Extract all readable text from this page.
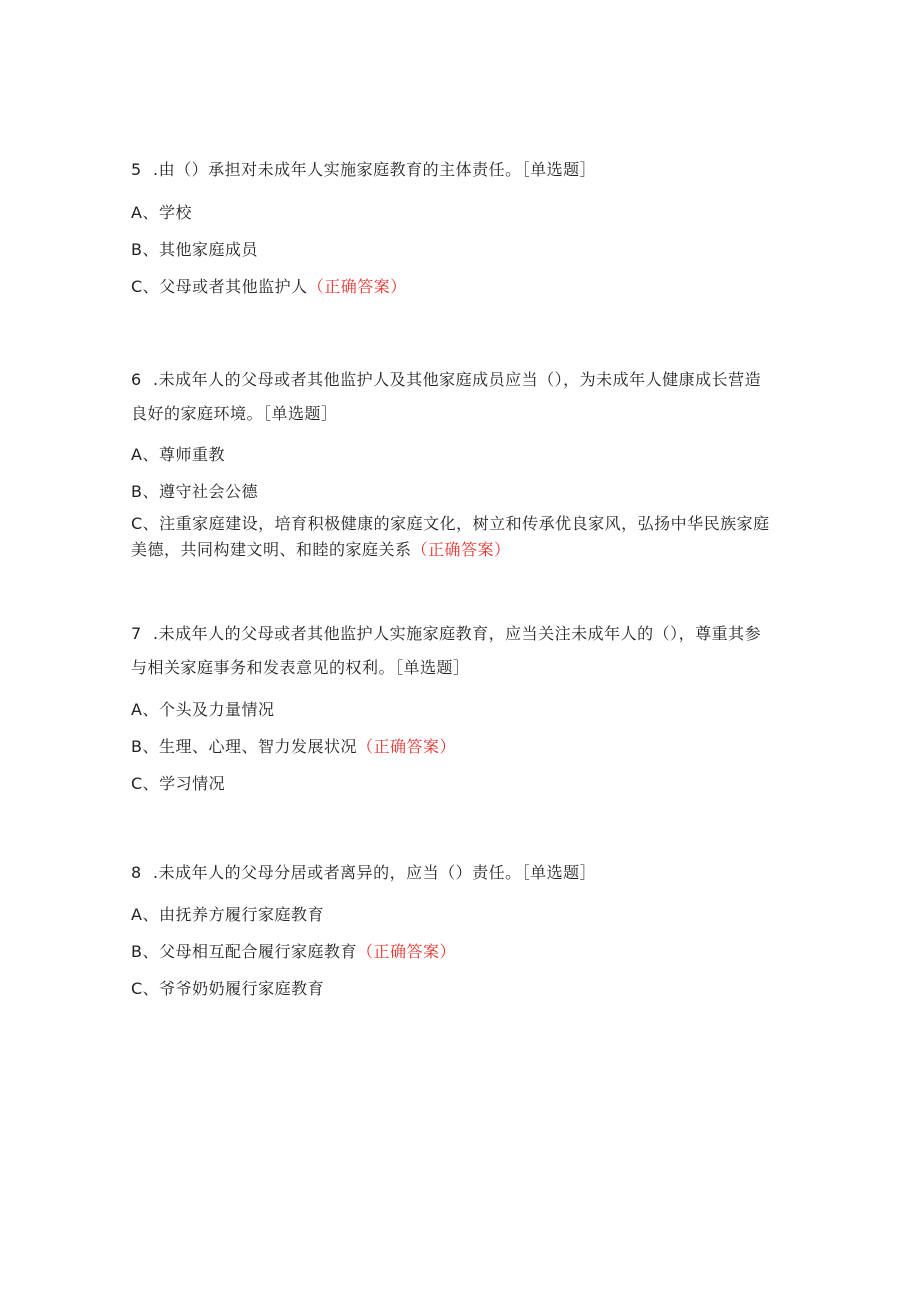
5 .由（）承担对未成年人实施家庭教育的主体责任。［单选题］

A、学校

B、其他家庭成员

C、父母或者其他监护人（正确答案）

6 .未成年人的父母或者其他监护人及其他家庭成员应当（），为未成年人健康成长营造良好的家庭环境。［单选题］

A、尊师重教

B、遵守社会公德

C、注重家庭建设，培育积极健康的家庭文化，树立和传承优良家风，弘扬中华民族家庭美德，共同构建文明、和睦的家庭关系（正确答案）

7 .未成年人的父母或者其他监护人实施家庭教育，应当关注未成年人的（），尊重其参与相关家庭事务和发表意见的权利。［单选题］

A、个头及力量情况

B、生理、心理、智力发展状况（正确答案）

C、学习情况

8 .未成年人的父母分居或者离异的，应当（）责任。［单选题］

A、由抚养方履行家庭教育

B、父母相互配合履行家庭教育（正确答案）

C、爷爷奶奶履行家庭教育
